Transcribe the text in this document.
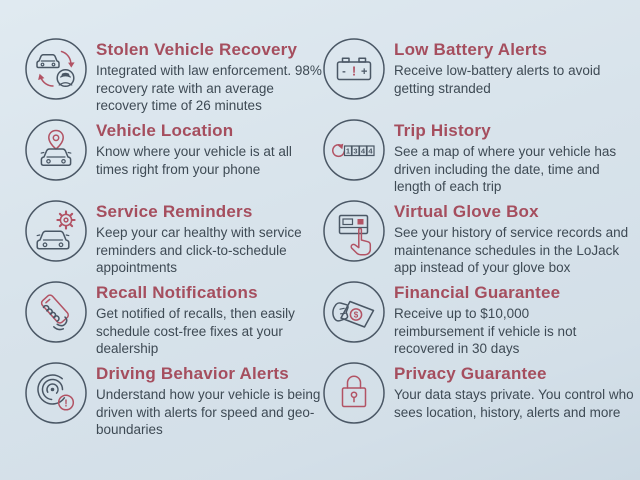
Stolen Vehicle Recovery

Integrated with law enforcement. 98% recovery rate with an average recovery time of 26 minutes

Vehicle Location

Know where your vehicle is at all times right from your phone

Service Reminders

Keep your car healthy with service reminders and click-to-schedule appointments

Recall Notifications

Get notified of recalls, then easily schedule cost-free fixes at your dealership

!
Driving Behavior Alerts

Understand how your vehicle is being driven with alerts for speed and geo-boundaries

- ! +
Low Battery Alerts

Receive low-battery alerts to avoid getting stranded

1 3 4 4
Trip History

See a map of where your vehicle has driven including the date, time and length of each trip

Virtual Glove Box

See your history of service records and maintenance schedules in the LoJack app instead of your glove box

$
Financial Guarantee

Receive up to $10,000 reimbursement if vehicle is not recovered in 30 days

Privacy Guarantee

Your data stays private. You control who sees location, history, alerts and more
